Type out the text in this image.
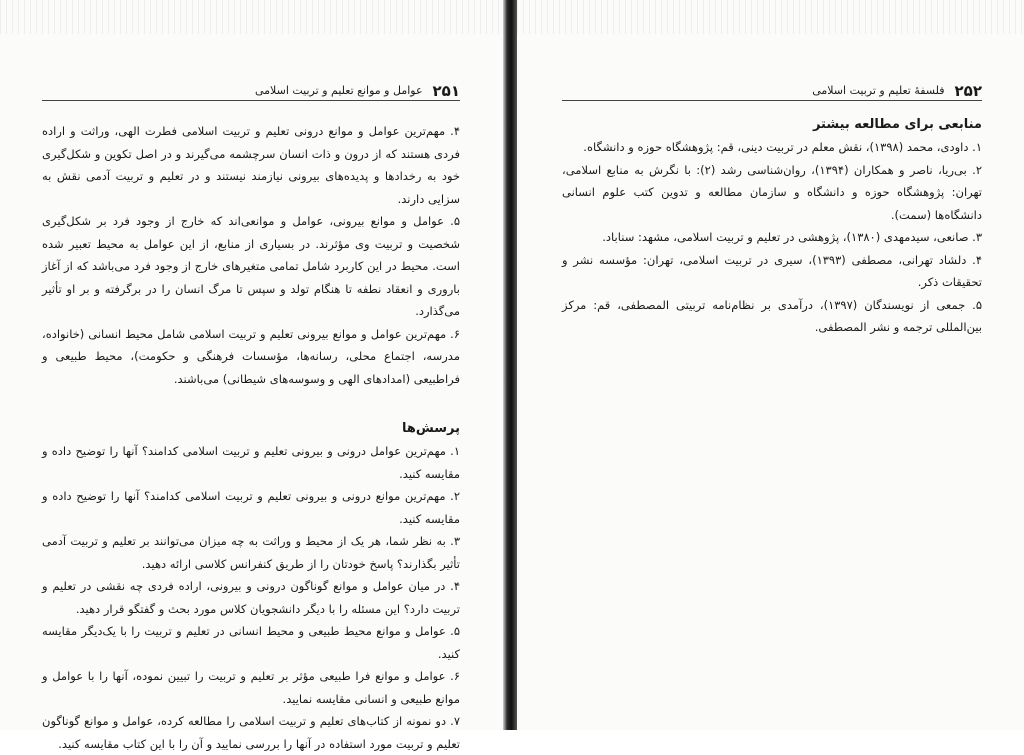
۲۵۱
عوامل و موانع تعلیم و تربیت اسلامی

۴. مهم‌ترین عوامل و موانع درونی تعلیم و تربیت اسلامی فطرت الهی، وراثت و اراده فردی هستند که از درون و ذات انسان سرچشمه می‌گیرند و در اصل تکوین و شکل‌گیری خود به رخدادها و پدیده‌های بیرونی نیازمند نیستند و در تعلیم و تربیت آدمی نقش به سزایی دارند.

۵. عوامل و موانع بیرونی، عوامل و موانعی‌اند که خارج از وجود فرد بر شکل‌گیری شخصیت و تربیت وی مؤثرند. در بسیاری از منابع، از این عوامل به محیط تعبیر شده است. محیط در این کاربرد شامل تمامی متغیرهای خارج از وجود فرد می‌باشد که از آغاز باروری و انعقاد نطفه تا هنگام تولد و سپس تا مرگ انسان را در برگرفته و بر او تأثیر می‌گذارد.

۶. مهم‌ترین عوامل و موانع بیرونی تعلیم و تربیت اسلامی شامل محیط انسانی (خانواده، مدرسه، اجتماع محلی، رسانه‌ها، مؤسسات فرهنگی و حکومت)، محیط طبیعی و فراطبیعی (امدادهای الهی و وسوسه‌های شیطانی) می‌باشند.

پرسش‌ها
۱. مهم‌ترین عوامل درونی و بیرونی تعلیم و تربیت اسلامی کدامند؟ آنها را توضیح داده و مقایسه کنید.
۲. مهم‌ترین موانع درونی و بیرونی تعلیم و تربیت اسلامی کدامند؟ آنها را توضیح داده و مقایسه کنید.
۳. به نظر شما، هر یک از محیط و وراثت به چه میزان می‌توانند بر تعلیم و تربیت آدمی تأثیر بگذارند؟ پاسخ خودتان را از طریق کنفرانس کلاسی ارائه دهید.
۴. در میان عوامل و موانع گوناگون درونی و بیرونی، اراده فردی چه نقشی در تعلیم و تربیت دارد؟ این مسئله را با دیگر دانشجویان کلاس مورد بحث و گفتگو قرار دهید.
۵. عوامل و موانع محیط طبیعی و محیط انسانی در تعلیم و تربیت را با یک‌دیگر مقایسه کنید.
۶. عوامل و موانع فرا طبیعی مؤثر بر تعلیم و تربیت را تبیین نموده، آنها را با عوامل و موانع طبیعی و انسانی مقایسه نمایید.
۷. دو نمونه از کتاب‌های تعلیم و تربیت اسلامی را مطالعه کرده، عوامل و موانع گوناگون تعلیم و تربیت مورد استفاده در آنها را بررسی نمایید و آن را با این کتاب مقایسه کنید.
۲۵۲
فلسفهٔ تعلیم و تربیت اسلامی
منابعی برای مطالعه بیشتر
۱. داودی، محمد (۱۳۹۸)، نقش معلم در تربیت دینی، قم: پژوهشگاه حوزه و دانشگاه.
۲. بی‌ریا، ناصر و همکاران (۱۳۹۴)، روان‌شناسی رشد (۲): با نگرش به منابع اسلامی، تهران: پژوهشگاه حوزه و دانشگاه و سازمان مطالعه و تدوین کتب علوم انسانی دانشگاه‌ها (سمت).
۳. صانعی، سیدمهدی (۱۳۸۰)، پژوهشی در تعلیم و تربیت اسلامی، مشهد: سناباد.
۴. دلشاد تهرانی، مصطفی (۱۳۹۳)، سیری در تربیت اسلامی، تهران: مؤسسه نشر و تحقیقات ذکر.
۵. جمعی از نویسندگان (۱۳۹۷)، درآمدی بر نظام‌نامه تربیتی المصطفی، قم: مرکز بین‌المللی ترجمه و نشر المصطفی.
